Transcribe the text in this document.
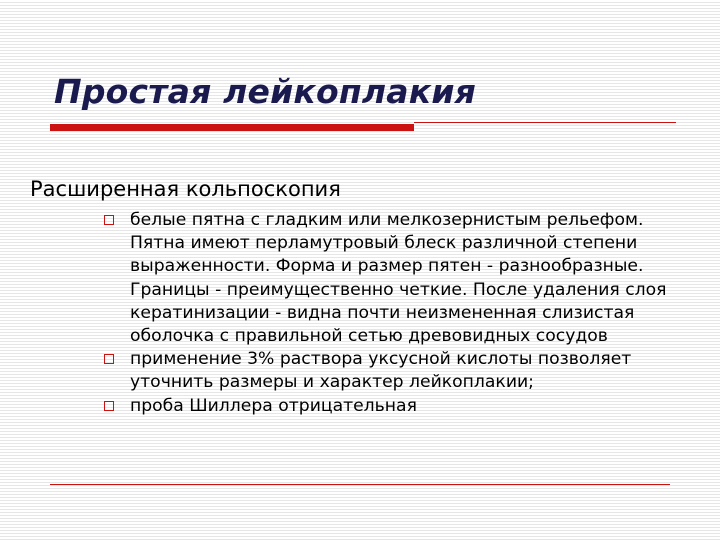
Простая лейкоплакия
Расширенная кольпоскопия
белые пятна с гладким или мелкозернистым рельефом. Пятна имеют перламутровый блеск различной степени выраженности. Форма и размер пятен - разнообразные. Границы - преимущественно четкие. После удаления слоя кератинизации - видна почти неизмененная слизистая оболочка с правильной сетью древовидных сосудов
применение 3% раствора уксусной кислоты позволяет уточнить размеры и характер лейкоплакии;
проба Шиллера отрицательная
